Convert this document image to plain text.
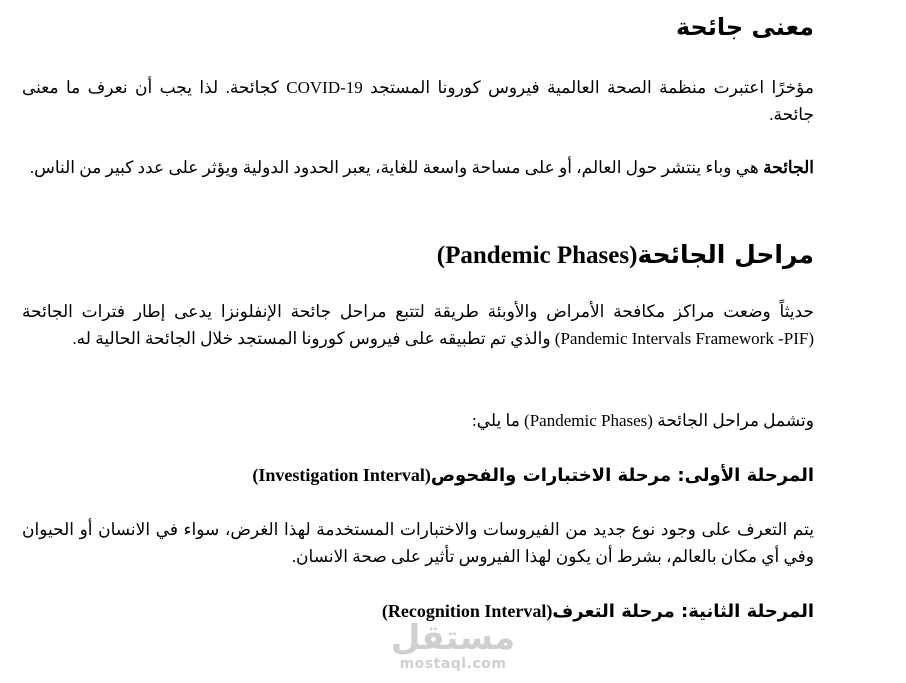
معنى جائحة

مؤخرًا اعتبرت منظمة الصحة العالمية فيروس كورونا المستجد COVID-19 كجائحة. لذا يجب أن نعرف ما معنى جائحة.

الجائحة هي وباء ينتشر حول العالم، أو على مساحة واسعة للغاية، يعبر الحدود الدولية ويؤثر على عدد كبير من الناس.

مراحل الجائحة(Pandemic Phases)

حديثاً وضعت مراكز مكافحة الأمراض والأوبئة طريقة لتتبع مراحل جائحة الإنفلونزا يدعى إطار فترات الجائحة (Pandemic Intervals Framework -PIF) والذي تم تطبيقه على فيروس كورونا المستجد خلال الجائحة الحالية له.

وتشمل مراحل الجائحة (Pandemic Phases) ما يلي:

المرحلة الأولى: مرحلة الاختبارات والفحوص(Investigation Interval)

يتم التعرف على وجود نوع جديد من الفيروسات والاختبارات المستخدمة لهذا الغرض، سواء في الانسان أو الحيوان وفي أي مكان بالعالم، بشرط أن يكون لهذا الفيروس تأثير على صحة الانسان.

المرحلة الثانية: مرحلة التعرف(Recognition Interval)
مستقل
mostaql.com
